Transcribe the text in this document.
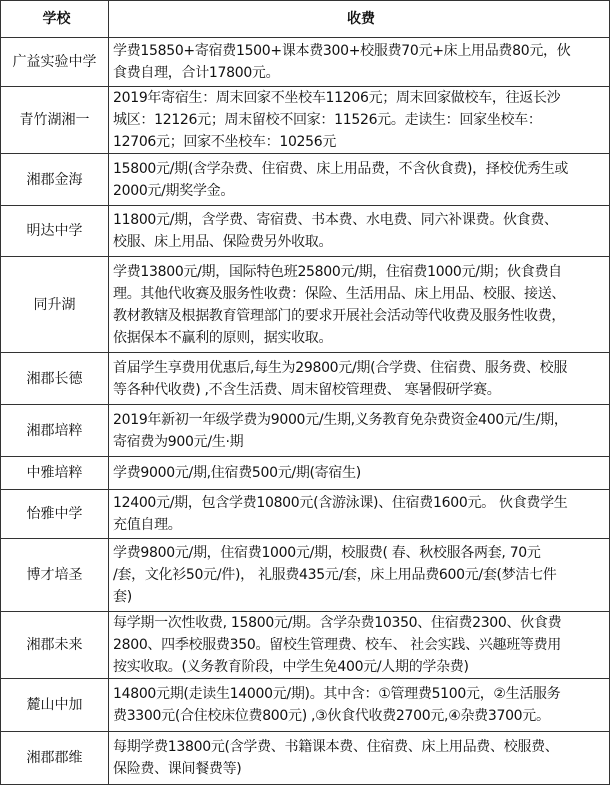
学校	收费
广益实验中学	学费15850+寄宿费1500+课本费300+校服费70元+床上用品费80元，伙
食费自理，合计17800元。

青竹湖湘一	2019年寄宿生：周末回家不坐校车11206元；周末回家做校车，往返长沙
城区：12126元；周末留校不回家：11526元。走读生：回家坐校车：
12706元；回家不坐校车：10256元

湘郡金海	15800元/期(含学杂费、住宿费、床上用品费，不含伙食费)，择校优秀生或
2000元/期奖学金。

明达中学	11800元/期，含学费、寄宿费、书本费、水电费、同六补课费。伙食费、
校服、床上用品、保险费另外收取。

同升湖	学费13800元/期，国际特色班25800元/期，住宿费1000元/期；伙食费自
理。其他代收赛及服务性收费：保险、生活用品、床上用品、校服、接送、
教材教辖及根据教育管理部门的要求开展社会活动等代收费及服务性收费，
依据保本不赢利的原则，据实收取。

湘郡长德	首届学生享费用优惠后,每生为29800元/期(合学费、住宿费、服务费、校服
等各种代收费) ,不含生活费、周末留校管理费、 寒暑假研学赛。

湘郡培粹	2019年新初一年级学费为9000元/生期,义务教育免杂费资金400元/生/期，
寄宿费为900元/生·期

中雅培粹	学费9000元/期,住宿费500元/期(寄宿生)

怡雅中学	12400元/期，包含学费10800元(含游泳课)、住宿费1600元。 伙食费学生
充值自理。

博才培圣	学费9800元/期，住宿费1000元/期，校服费( 春、秋校服各两套, 70元
/套，文化衫50元/件)， 礼服费435元/套，床上用品费600元/套(梦洁七件
套)

湘郡未来	每学期一次性收费, 15800元/期。含学杂费10350、住宿费2300、伙食费
2800、四季校服费350。留校生管理费、校车、 社会实践、兴趣班等费用
按实收取。(义务教育阶段，中学生免400元/人期的学杂费)

麓山中加	14800元期(走读生14000元/期)。其中含：①管理费5100元，②生活服务
费3300元(合住校床位费800元) ,③伙食代收费2700元,④杂费3700元。

湘郡郡维	每期学费13800元(含学费、书籍课本费、住宿费、床上用品费、校服费、
保险费、课间餐费等)
